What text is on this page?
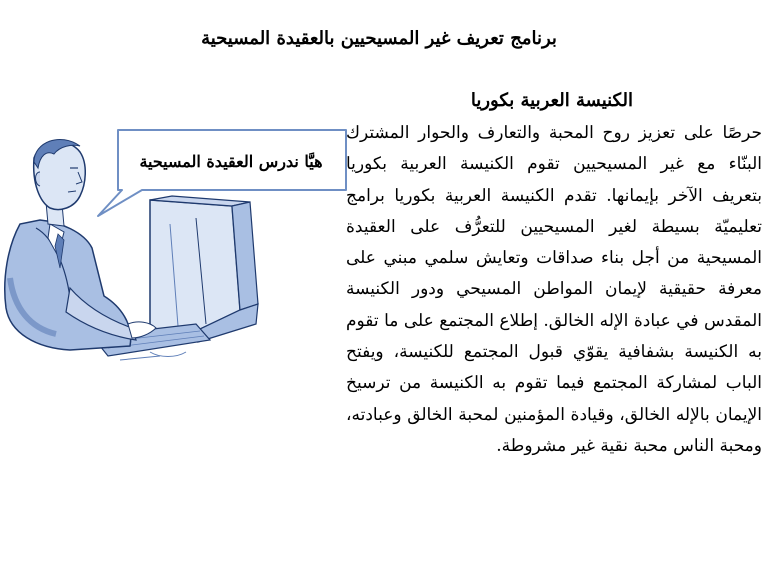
برنامج تعريف غير المسيحيين بالعقيدة المسيحية
الكنيسة العربية بكوريا
حرصًا على تعزيز روح المحبة والتعارف والحوار المشترك البنّاء مع غير المسيحيين تقوم الكنيسة العربية بكوريا بتعريف الآخر بإيمانها. تقدم الكنيسة العربية بكوريا برامج تعليميّة بسيطة لغير المسيحيين للتعرُّف على العقيدة المسيحية من أجل بناء صداقات وتعايش سلمي مبني على معرفة حقيقية لإيمان المواطن المسيحي ودور الكنيسة المقدس في عبادة الإله الخالق. إطلاع المجتمع على ما تقوم به الكنيسة بشفافية يقوّي قبول المجتمع للكنيسة، ويفتح الباب لمشاركة المجتمع فيما تقوم به الكنيسة من ترسيخ الإيمان بالإله الخالق، وقيادة المؤمنين لمحبة الخالق وعبادته، ومحبة الناس محبة نقية غير مشروطة.
هيَّا ندرس العقيدة المسيحية
